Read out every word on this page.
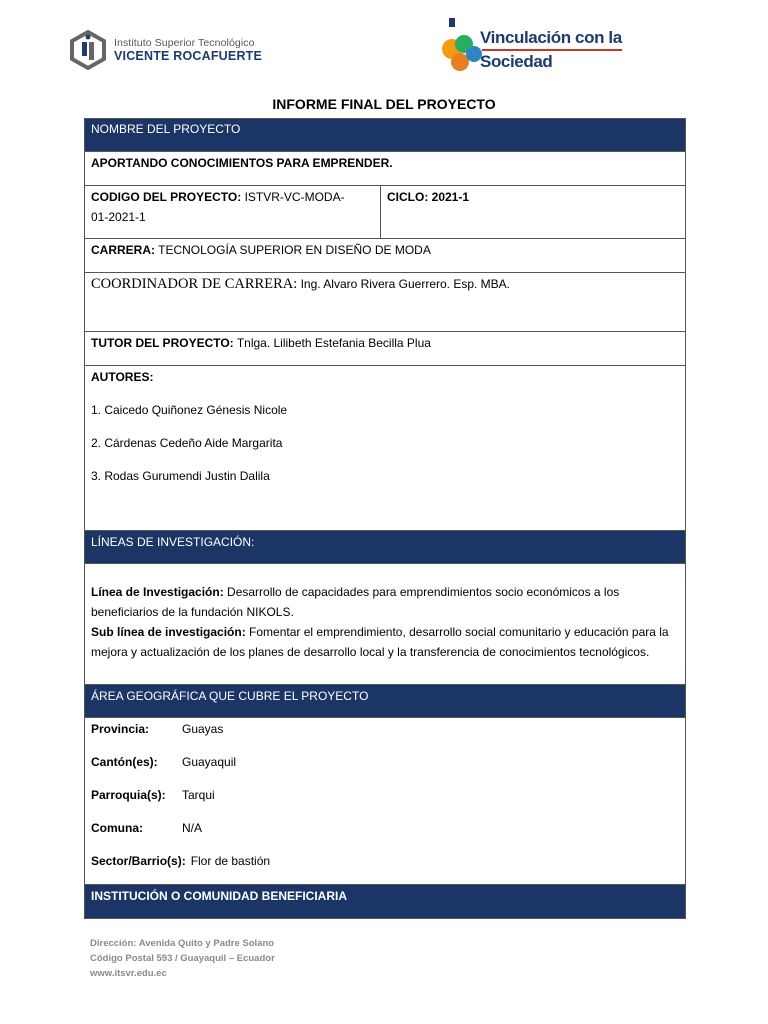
Instituto Superior Tecnológico
VICENTE ROCAFUERTE
Vinculación con la
Sociedad
INFORME FINAL DEL PROYECTO
NOMBRE DEL PROYECTO
APORTANDO CONOCIMIENTOS PARA EMPRENDER.
CODIGO DEL PROYECTO: ISTVR-VC-MODA-
01-2021-1	CICLO: 2021-1
CARRERA: TECNOLOGÍA SUPERIOR EN DISEÑO DE MODA
COORDINADOR DE CARRERA: Ing. Alvaro Rivera Guerrero. Esp. MBA.
TUTOR DEL PROYECTO: Tnlga. Lilibeth Estefania Becilla Plua

AUTORES:
1. Caicedo Quiñonez Génesis Nicole
2. Cárdenas Cedeño Aide Margarita
3. Rodas Gurumendi Justin Dalila

LÍNEAS DE INVESTIGACIÓN:
Línea de Investigación: Desarrollo de capacidades para emprendimientos socio económicos a los beneficiarios de la fundación NIKOLS.
Sub línea de investigación: Fomentar el emprendimiento, desarrollo social comunitario y educación para la mejora y actualización de los planes de desarrollo local y la transferencia de conocimientos tecnológicos.
ÁREA GEOGRÁFICA QUE CUBRE EL PROYECTO

Provincia:	Guayas
Cantón(es):	Guayaquil
Parroquia(s):	Tarqui
Comuna:	N/A
Sector/Barrio(s): Flor de bastión

INSTITUCIÓN O COMUNIDAD BENEFICIARIA
Dirección: Avenida Quito y Padre Solano
Código Postal 593 / Guayaquil – Ecuador
www.itsvr.edu.ec
